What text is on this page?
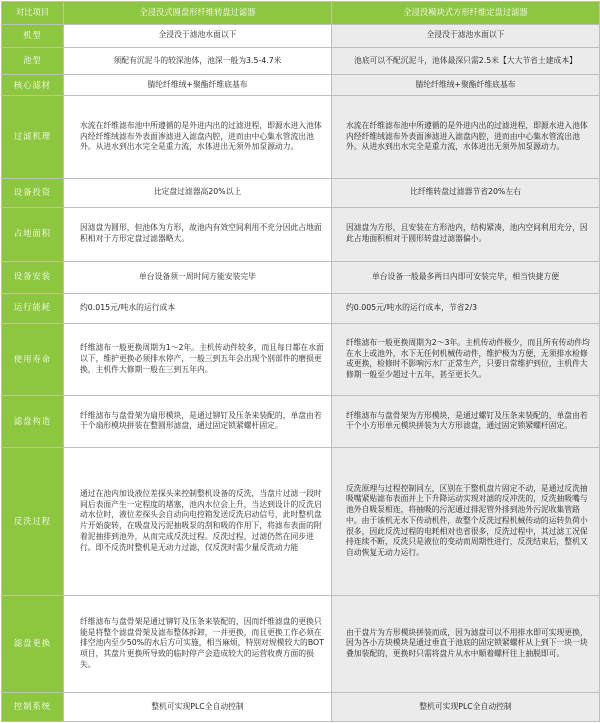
对比项目	全浸没式圆盘形纤维转盘过滤器	全浸没模块式方形纤维定盘过滤器
机型	全浸没于滤池水面以下	全浸没于滤池水面以下
池型	须配有沉泥斗的较深池体，池深一般为3.5-4.7米	池底可以不配沉泥斗，池体最深只需2.5米【大大节省土建成本】
核心滤材	腈纶纤维绒+聚酯纤维底基布	腈纶纤维绒+聚酯纤维底基布
过滤机理	水流在纤维滤布池中所遵循的是外进内出的过滤进程，即源水进入池体内经纤维绒滤布外表面渗滤进入滤盘内腔，进而由中心集水管流出池外。从进水到出水完全是重力流，水体进出无须外加泵源动力。	水流在纤维滤布池中所遵循的是外进内出的过滤进程，即源水进入池体内经纤维绒滤布外表面渗滤进入滤盘内腔，进而由中心集水管流出池外。从进水到出水完全是重力流，水体进出无须外加泵源动力。
设备投资	比定盘过滤器高20%以上	比纤维转盘过滤器节省20%左右
占地面积	因滤盘为圆形，但池体为方形，故池内有效空间利用不充分因此占地面积相对于方形定盘过滤器略大。	因滤盘为方形，且安装在方形池内，结构紧凑，池内空间利用充分，因此占地面积相对于圆形转盘过滤器偏小。
设备安装	单台设备须一周时间方能安装完毕	单台设备一般最多两日内即可安装完毕，相当快捷方便
运行能耗	约0.015元/吨水的运行成本	约0.005元/吨水的运行成本，节省2/3
使用寿命	纤维滤布一般更换周期为1～2年。主机传动件较多，而且每日都在水面以下，维护更换必须排水停产，一般三到五年会出现个别部件的磨损更换，主机件大修期一般在三到五年内。	纤维滤布一般更换周期为2～3年。主机传动件极少，而且所有传动件均在水上或池外，水下无任何机械传动件，维护极为方便，无须排水检修或更换，检修时不影响污水厂正常生产，只要日常维护到位，主机件大修期一般至少超过十五年，甚至更长久。
滤盘构造	纤维滤布与盘骨架为扇形模块，是通过铆钉及压条来装配的，单盘由若干个扇形模块拼装在整圆形滤盘，通过固定锁紧螺杆固定。	纤维滤布与盘骨架为方形模块，是通过螺钉及压条来装配的，单盘由若干个小方形单元模块拼装为大方形滤盘，通过固定锁紧螺杆固定。
反洗过程	通过在池内加设液位差探头来控制整机设备的反洗，当盘片过滤一段时间后表面产生一定程度的堵塞，池内水位会上升，当达到设计的反洗启动水位时，液位差探头会自动向电控箱发送反洗启动信号，此时整机盘片开始旋转，在吸盘及污泥抽吸泵的刮和吸的作用下，将滤布表面的附着泥抽排到池外，从而完成反洗过程。反洗过程，过滤仍然在同步进行。即不反洗时整机是无动力过滤，仅反洗时需少量反洗动力能	反洗原理与过程控制同左，区别在于整机盘片固定不动，是通过反洗抽吸嘴紧贴滤布表面并上下升降运动实现对滤的反冲洗的，反洗抽吸嘴与池外自吸泵相连，将抽吸的污泥通过排泥管外排到池外污泥收集管路中。由于该机无水下传动机件，故整个反洗过程机械传动的运转负荷小很多，因此反洗过程的电耗相对也省很多，反洗过程中，其过滤工况保持连续不断，反洗只是液位的变动而周期性进行，反洗结束后，整机又自动恢复无动力运行。
滤盘更换	纤维滤布与盘骨架是通过铆钉及压条来装配的，因而纤维滤盘的更换只能是将整个滤盘骨架及滤布整体拆卸，一并更换，而且更换工作必须在排空池内至少50%的水后方可实施，相当麻烦，特别对规模较大的BOT项目，其盘片更换所导致的临时停产会造成较大的运营收费方面的损失。	由于盘片为方形模块拼装而成，因为滤盘可以不用排水即可实现更换，因为各小方块模块是通过垂直于池底的固定锁紧螺杆从上到下一块一块叠加装配的，更换时只需将盘片从水中顺着螺杆往上抽脱即可。
控制系统	整机可实现PLC全自动控制	整机可实现PLC全自动控制
